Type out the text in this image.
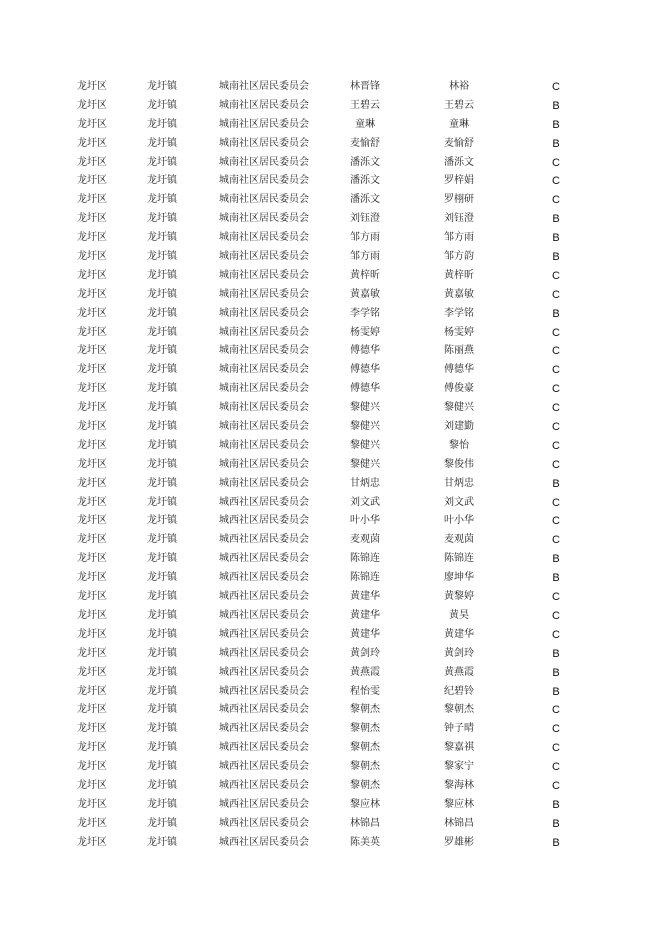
龙圩区	龙圩镇	城南社区居民委员会	林晋锋	林裕	C
龙圩区	龙圩镇	城南社区居民委员会	王碧云	王碧云	B
龙圩区	龙圩镇	城南社区居民委员会	童琳	童琳	B
龙圩区	龙圩镇	城南社区居民委员会	麦愉舒	麦愉舒	B
龙圩区	龙圩镇	城南社区居民委员会	潘泺文	潘泺文	C
龙圩区	龙圩镇	城南社区居民委员会	潘泺文	罗梓娟	C
龙圩区	龙圩镇	城南社区居民委员会	潘泺文	罗栩研	C
龙圩区	龙圩镇	城南社区居民委员会	刘钰澄	刘钰澄	B
龙圩区	龙圩镇	城南社区居民委员会	邹方雨	邹方雨	B
龙圩区	龙圩镇	城南社区居民委员会	邹方雨	邹方韵	B
龙圩区	龙圩镇	城南社区居民委员会	黄梓昕	黄梓昕	C
龙圩区	龙圩镇	城南社区居民委员会	黄嘉敏	黄嘉敏	C
龙圩区	龙圩镇	城南社区居民委员会	李学铭	李学铭	B
龙圩区	龙圩镇	城南社区居民委员会	杨雯婷	杨雯婷	C
龙圩区	龙圩镇	城南社区居民委员会	傅德华	陈丽燕	C
龙圩区	龙圩镇	城南社区居民委员会	傅德华	傅德华	C
龙圩区	龙圩镇	城南社区居民委员会	傅德华	傅俊豪	C
龙圩区	龙圩镇	城南社区居民委员会	黎健兴	黎健兴	C
龙圩区	龙圩镇	城南社区居民委员会	黎健兴	刘建勤	C
龙圩区	龙圩镇	城南社区居民委员会	黎健兴	黎怡	C
龙圩区	龙圩镇	城南社区居民委员会	黎健兴	黎俊伟	C
龙圩区	龙圩镇	城南社区居民委员会	甘炳忠	甘炳忠	B
龙圩区	龙圩镇	城西社区居民委员会	刘文武	刘文武	C
龙圩区	龙圩镇	城西社区居民委员会	叶小华	叶小华	C
龙圩区	龙圩镇	城西社区居民委员会	麦观茵	麦观茵	C
龙圩区	龙圩镇	城西社区居民委员会	陈锦连	陈锦连	B
龙圩区	龙圩镇	城西社区居民委员会	陈锦连	廖坤华	B
龙圩区	龙圩镇	城西社区居民委员会	黄建华	黄黎婷	C
龙圩区	龙圩镇	城西社区居民委员会	黄建华	黄昊	C
龙圩区	龙圩镇	城西社区居民委员会	黄建华	黄建华	C
龙圩区	龙圩镇	城西社区居民委员会	黄剑玲	黄剑玲	B
龙圩区	龙圩镇	城西社区居民委员会	黄燕霞	黄燕霞	B
龙圩区	龙圩镇	城西社区居民委员会	程怡雯	纪碧铃	B
龙圩区	龙圩镇	城西社区居民委员会	黎朝杰	黎朝杰	C
龙圩区	龙圩镇	城西社区居民委员会	黎朝杰	钟子晴	C
龙圩区	龙圩镇	城西社区居民委员会	黎朝杰	黎嘉祺	C
龙圩区	龙圩镇	城西社区居民委员会	黎朝杰	黎家宁	C
龙圩区	龙圩镇	城西社区居民委员会	黎朝杰	黎海林	C
龙圩区	龙圩镇	城西社区居民委员会	黎应林	黎应林	B
龙圩区	龙圩镇	城西社区居民委员会	林锦昌	林锦昌	B
龙圩区	龙圩镇	城西社区居民委员会	陈美英	罗雄彬	B
